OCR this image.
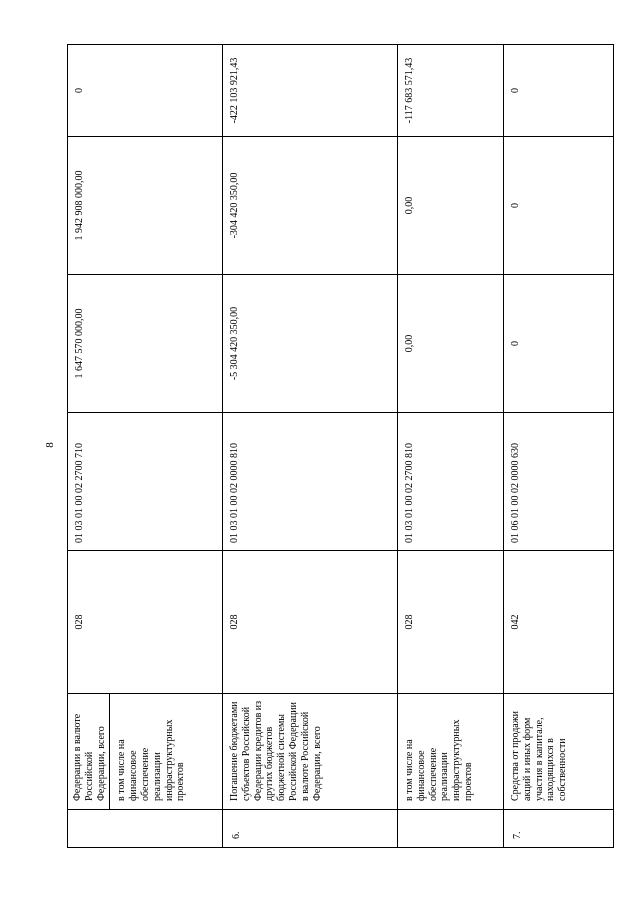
8

	Федерации в валюте Российской Федерации, всего в том числе на финансовое обеспечение реализации инфраструктурных проектов	028	01 03 01 00 02 2700 710	1 647 570 000,00	1 942 908 000,00	0
6.	Погашение бюджетами субъектов Российской Федерации кредитов из других бюджетов бюджетной системы Российской Федерации в валюте Российской Федерации, всего	028	01 03 01 00 02 0000 810	-5 304 420 350,00	-304 420 350,00	-422 103 921,43
	в том числе на финансовое обеспечение реализации инфраструктурных проектов	028	01 03 01 00 02 2700 810	0,00	0,00	-117 683 571,43
7.	Средства от продажи акций и иных форм участия в капитале, находящихся в собственности	042	01 06 01 00 02 0000 630	0	0	0
